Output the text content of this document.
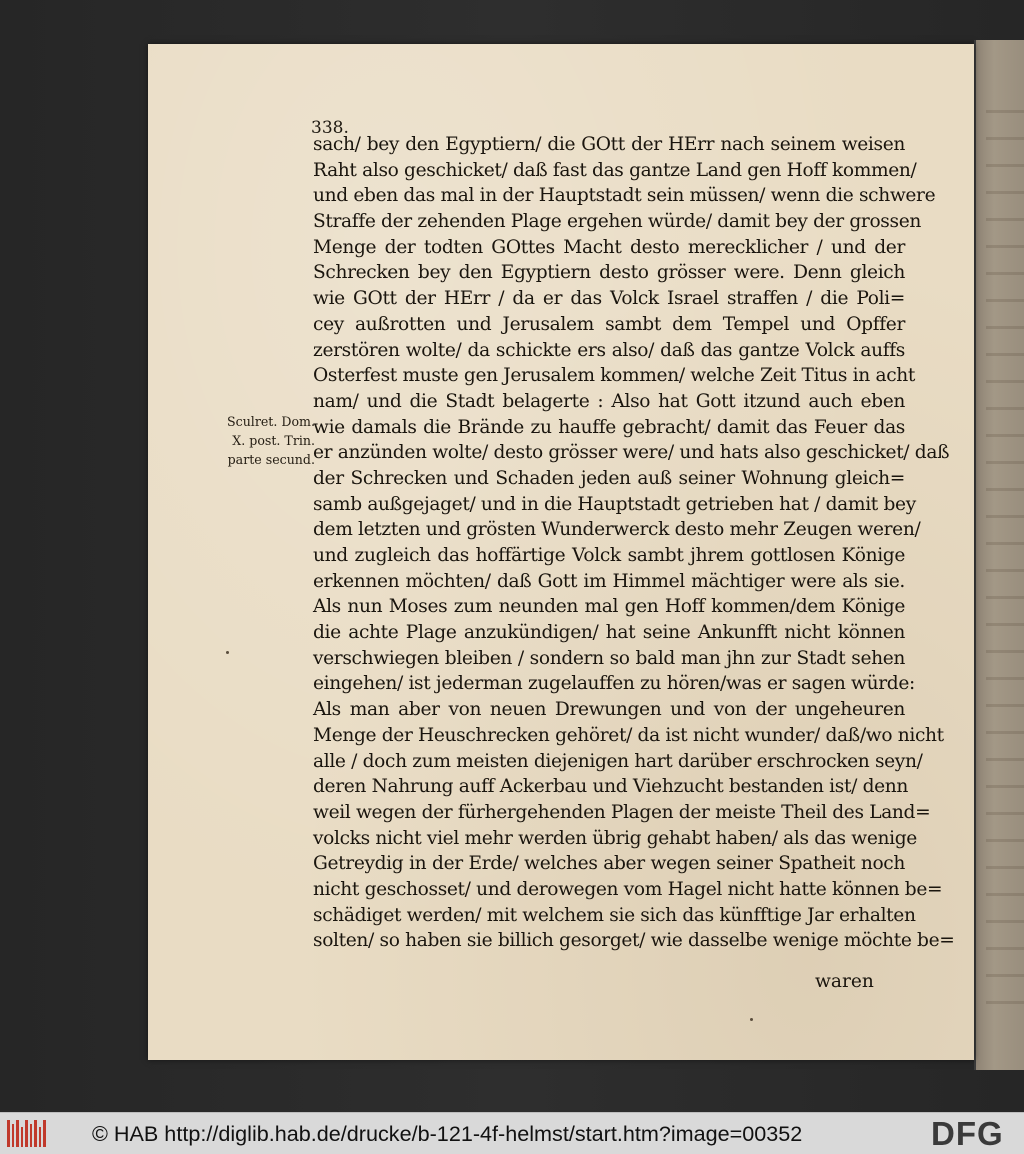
338.
sach/ bey den Egyptiern/ die GOtt der HErr nach seinem weisen
Raht also geschicket/ daß fast das gantze Land gen Hoff kommen/
und eben das mal in der Hauptstadt sein müssen/ wenn die schwere
Straffe der zehenden Plage ergehen würde/ damit bey der grossen
Menge der todten GOttes Macht desto merecklicher / und der
Schrecken bey den Egyptiern desto grösser were. Denn gleich
wie GOtt der HErr / da er das Volck Israel straffen / die Poli=
cey außrotten und Jerusalem sambt dem Tempel und Opffer
zerstören wolte/ da schickte ers also/ daß das gantze Volck auffs
Osterfest muste gen Jerusalem kommen/ welche Zeit Titus in acht
nam/ und die Stadt belagerte : Also hat Gott itzund auch eben
wie damals die Brände zu hauffe gebracht/ damit das Feuer das
er anzünden wolte/ desto grösser were/ und hats also geschicket/ daß
der Schrecken und Schaden jeden auß seiner Wohnung gleich=
samb außgejaget/ und in die Hauptstadt getrieben hat / damit bey
dem letzten und grösten Wunderwerck desto mehr Zeugen weren/
und zugleich das hoffärtige Volck sambt jhrem gottlosen Könige
erkennen möchten/ daß Gott im Himmel mächtiger were als sie.
Als nun Moses zum neunden mal gen Hoff kommen/dem Könige
die achte Plage anzukündigen/ hat seine Ankunfft nicht können
verschwiegen bleiben / sondern so bald man jhn zur Stadt sehen
eingehen/ ist jederman zugelauffen zu hören/was er sagen würde:
Als man aber von neuen Drewungen und von der ungeheuren
Menge der Heuschrecken gehöret/ da ist nicht wunder/ daß/wo nicht
alle / doch zum meisten diejenigen hart darüber erschrocken seyn/
deren Nahrung auff Ackerbau und Viehzucht bestanden ist/ denn
weil wegen der fürhergehenden Plagen der meiste Theil des Land=
volcks nicht viel mehr werden übrig gehabt haben/ als das wenige
Getreydig in der Erde/ welches aber wegen seiner Spatheit noch
nicht geschosset/ und derowegen vom Hagel nicht hatte können be=
schädiget werden/ mit welchem sie sich das künfftige Jar erhalten
solten/ so haben sie billich gesorget/ wie dasselbe wenige möchte be=
waren
Sculret. Dom.
X. post. Trin.
parte secund.
© HAB http://diglib.hab.de/drucke/b-121-4f-helmst/start.htm?image=00352	DFG
